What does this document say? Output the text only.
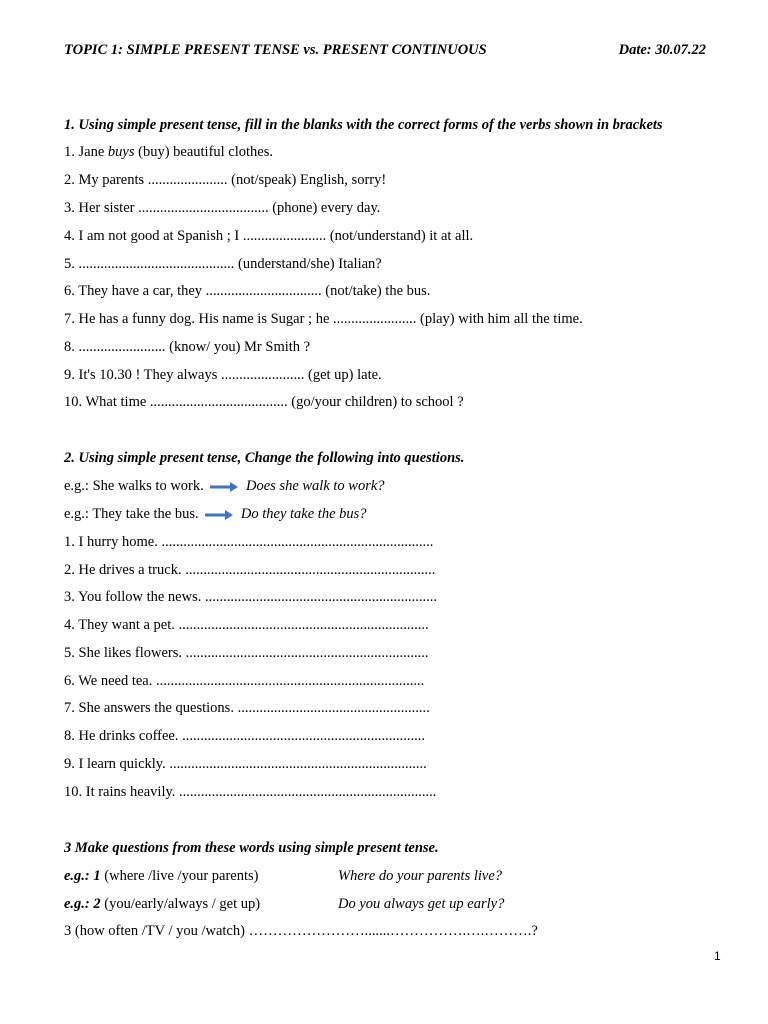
TOPIC 1: SIMPLE PRESENT TENSE vs. PRESENT CONTINUOUS	Date: 30.07.22
1. Using simple present tense, fill in the blanks with the correct forms of the verbs shown in brackets
1. Jane buys (buy) beautiful clothes.
2. My parents ...................... (not/speak) English, sorry!
3. Her sister .................................... (phone) every day.
4. I am not good at Spanish ; I ....................... (not/understand) it at all.
5. ........................................... (understand/she) Italian?
6. They have a car, they ................................ (not/take) the bus.
7. He has a funny dog. His name is Sugar ; he ....................... (play) with him all the time.
8. ........................ (know/ you) Mr Smith ?
9. It's 10.30 ! They always ....................... (get up) late.
10. What time ...................................... (go/your children) to school ?
2. Using simple present tense, Change the following into questions.
e.g.: She walks to work.	Does she walk to work?
e.g.: They take the bus.	Do they take the bus?
1. I hurry home. ...........................................................................
2. He drives a truck. .....................................................................
3. You follow the news. ................................................................
4. They want a pet. .....................................................................
5. She likes flowers. ...................................................................
6. We need tea. ..........................................................................
7. She answers the questions. .....................................................
8. He drinks coffee. ...................................................................
9. I learn quickly. .......................................................................
10. It rains heavily. .......................................................................
3 Make questions from these words using simple present tense.
e.g.: 1 (where /live /your parents)	Where do your parents live?
e.g.: 2 (you/early/always / get up)	Do you always get up early?
3 (how often /TV / you /watch) …………………….......…………….….……….?
1
